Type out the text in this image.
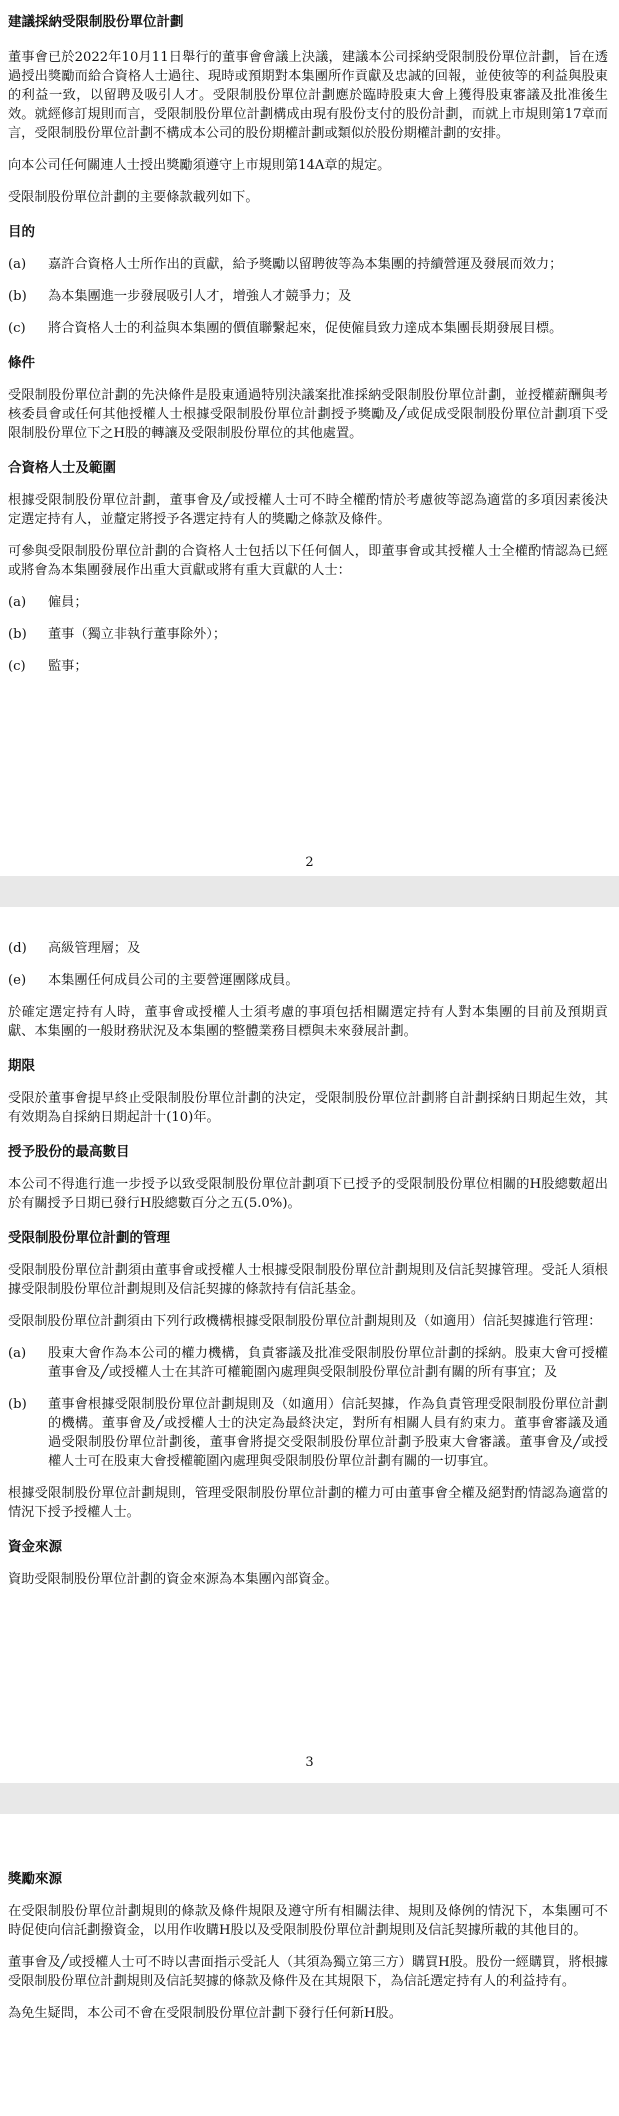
建議採納受限制股份單位計劃

董事會已於2022年10月11日舉行的董事會會議上決議，建議本公司採納受限制股份單位計劃，旨在透過授出獎勵而給合資格人士過往、現時或預期對本集團所作貢獻及忠誠的回報，並使彼等的利益與股東的利益一致，以留聘及吸引人才。受限制股份單位計劃應於臨時股東大會上獲得股東審議及批准後生效。就經修訂規則而言，受限制股份單位計劃構成由現有股份支付的股份計劃，而就上市規則第17章而言，受限制股份單位計劃不構成本公司的股份期權計劃或類似於股份期權計劃的安排。

向本公司任何關連人士授出獎勵須遵守上市規則第14A章的規定。

受限制股份單位計劃的主要條款載列如下。

目的
(a)	嘉許合資格人士所作出的貢獻，給予獎勵以留聘彼等為本集團的持續營運及發展而效力；
(b)	為本集團進一步發展吸引人才，增強人才競爭力；及
(c)	將合資格人士的利益與本集團的價值聯繫起來，促使僱員致力達成本集團長期發展目標。
條件

受限制股份單位計劃的先決條件是股東通過特別決議案批准採納受限制股份單位計劃，並授權薪酬與考核委員會或任何其他授權人士根據受限制股份單位計劃授予獎勵及╱或促成受限制股份單位計劃項下受限制股份單位下之H股的轉讓及受限制股份單位的其他處置。

合資格人士及範圍

根據受限制股份單位計劃，董事會及╱或授權人士可不時全權酌情於考慮彼等認為適當的多項因素後決定選定持有人，並釐定將授予各選定持有人的獎勵之條款及條件。

可參與受限制股份單位計劃的合資格人士包括以下任何個人，即董事會或其授權人士全權酌情認為已經或將會為本集團發展作出重大貢獻或將有重大貢獻的人士：

(a)	僱員；
(b)	董事（獨立非執行董事除外）；
(c)	監事；
2
(d)	高級管理層；及
(e)	本集團任何成員公司的主要營運團隊成員。

於確定選定持有人時，董事會或授權人士須考慮的事項包括相關選定持有人對本集團的目前及預期貢獻、本集團的一般財務狀況及本集團的整體業務目標與未來發展計劃。

期限

受限於董事會提早終止受限制股份單位計劃的決定，受限制股份單位計劃將自計劃採納日期起生效，其有效期為自採納日期起計十(10)年。

授予股份的最高數目

本公司不得進行進一步授予以致受限制股份單位計劃項下已授予的受限制股份單位相關的H股總數超出於有關授予日期已發行H股總數百分之五(5.0%)。

受限制股份單位計劃的管理

受限制股份單位計劃須由董事會或授權人士根據受限制股份單位計劃規則及信託契據管理。受託人須根據受限制股份單位計劃規則及信託契據的條款持有信託基金。

受限制股份單位計劃須由下列行政機構根據受限制股份單位計劃規則及（如適用）信託契據進行管理：

(a)	股東大會作為本公司的權力機構，負責審議及批准受限制股份單位計劃的採納。股東大會可授權董事會及╱或授權人士在其許可權範圍內處理與受限制股份單位計劃有關的所有事宜；及
(b)	董事會根據受限制股份單位計劃規則及（如適用）信託契據，作為負責管理受限制股份單位計劃的機構。董事會及╱或授權人士的決定為最終決定，對所有相關人員有約束力。董事會審議及通過受限制股份單位計劃後，董事會將提交受限制股份單位計劃予股東大會審議。董事會及╱或授權人士可在股東大會授權範圍內處理與受限制股份單位計劃有關的一切事宜。

根據受限制股份單位計劃規則，管理受限制股份單位計劃的權力可由董事會全權及絕對酌情認為適當的情況下授予授權人士。

資金來源

資助受限制股份單位計劃的資金來源為本集團內部資金。

3
獎勵來源

在受限制股份單位計劃規則的條款及條件規限及遵守所有相關法律、規則及條例的情況下，本集團可不時促使向信託劃撥資金，以用作收購H股以及受限制股份單位計劃規則及信託契據所載的其他目的。

董事會及╱或授權人士可不時以書面指示受託人（其須為獨立第三方）購買H股。股份一經購買，將根據受限制股份單位計劃規則及信託契據的條款及條件及在其規限下，為信託選定持有人的利益持有。

為免生疑問，本公司不會在受限制股份單位計劃下發行任何新H股。
